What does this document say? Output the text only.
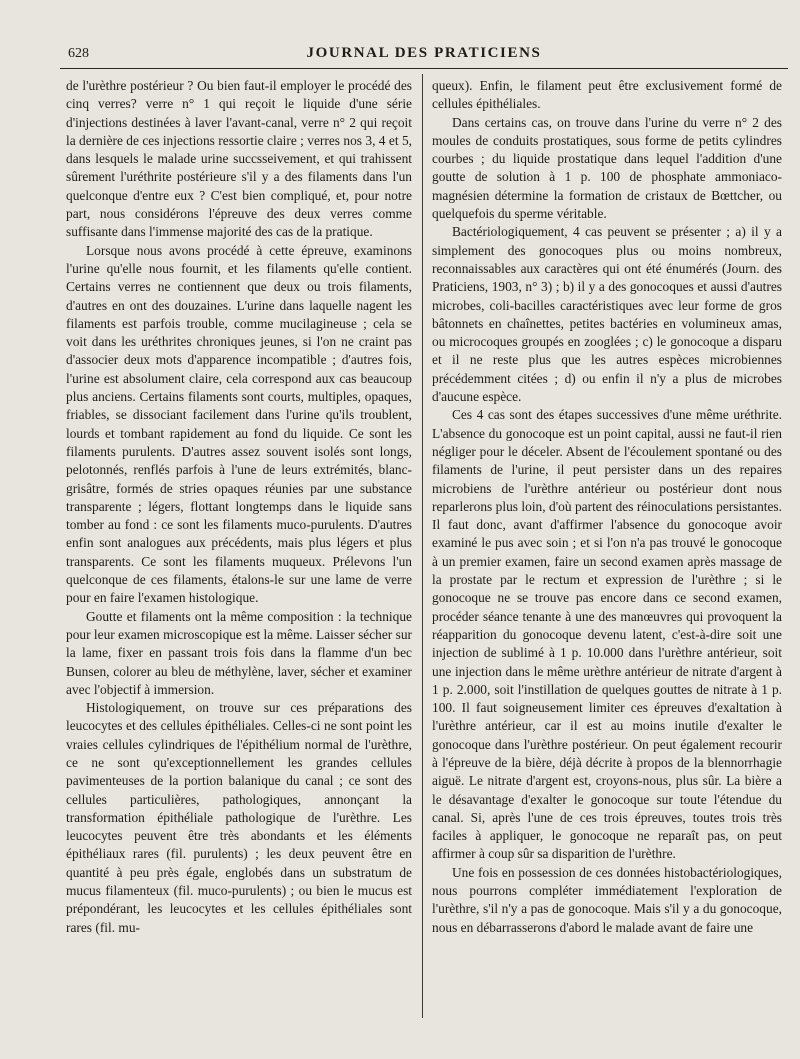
628	JOURNAL DES PRATICIENS

de l'urèthre postérieur ? Ou bien faut-il employer le procédé des cinq verres? verre n° 1 qui reçoit le liquide d'une série d'injections destinées à laver l'avant-canal, verre n° 2 qui reçoit la dernière de ces injections ressortie claire ; verres nos 3, 4 et 5, dans lesquels le malade urine succsseivement, et qui trahissent sûrement l'uréthrite postérieure s'il y a des filaments dans l'un quelconque d'entre eux ? C'est bien compliqué, et, pour notre part, nous considérons l'épreuve des deux verres comme suffisante dans l'immense majorité des cas de la pratique.

Lorsque nous avons procédé à cette épreuve, examinons l'urine qu'elle nous fournit, et les filaments qu'elle contient. Certains verres ne contiennent que deux ou trois filaments, d'autres en ont des douzaines. L'urine dans laquelle nagent les filaments est parfois trouble, comme mucilagineuse ; cela se voit dans les uréthrites chroniques jeunes, si l'on ne craint pas d'associer deux mots d'apparence incompatible ; d'autres fois, l'urine est absolument claire, cela correspond aux cas beaucoup plus anciens. Certains filaments sont courts, multiples, opaques, friables, se dissociant facilement dans l'urine qu'ils troublent, lourds et tombant rapidement au fond du liquide. Ce sont les filaments purulents. D'autres assez souvent isolés sont longs, pelotonnés, renflés parfois à l'une de leurs extrémités, blanc-grisâtre, formés de stries opaques réunies par une substance transparente ; légers, flottant longtemps dans le liquide sans tomber au fond : ce sont les filaments muco-purulents. D'autres enfin sont analogues aux précédents, mais plus légers et plus transparents. Ce sont les filaments muqueux. Prélevons l'un quelconque de ces filaments, étalons-le sur une lame de verre pour en faire l'examen histologique.

Goutte et filaments ont la même composition : la technique pour leur examen microscopique est la même. Laisser sécher sur la lame, fixer en passant trois fois dans la flamme d'un bec Bunsen, colorer au bleu de méthylène, laver, sécher et examiner avec l'objectif à immersion.

Histologiquement, on trouve sur ces préparations des leucocytes et des cellules épithéliales. Celles-ci ne sont point les vraies cellules cylindriques de l'épithélium normal de l'urèthre, ce ne sont qu'exceptionnellement les grandes cellules pavimenteuses de la portion balanique du canal ; ce sont des cellules particulières, pathologiques, annonçant la transformation épithéliale pathologique de l'urèthre. Les leucocytes peuvent être très abondants et les éléments épithéliaux rares (fil. purulents) ; les deux peuvent être en quantité à peu près égale, englobés dans un substratum de mucus filamenteux (fil. muco-purulents) ; ou bien le mucus est prépondérant, les leucocytes et les cellules épithéliales sont rares (fil. mu-

queux). Enfin, le filament peut être exclusivement formé de cellules épithéliales.

Dans certains cas, on trouve dans l'urine du verre n° 2 des moules de conduits prostatiques, sous forme de petits cylindres courbes ; du liquide prostatique dans lequel l'addition d'une goutte de solution à 1 p. 100 de phosphate ammoniaco-magnésien détermine la formation de cristaux de Bœttcher, ou quelquefois du sperme véritable.

Bactériologiquement, 4 cas peuvent se présenter ; a) il y a simplement des gonocoques plus ou moins nombreux, reconnaissables aux caractères qui ont été énumérés (Journ. des Praticiens, 1903, n° 3) ; b) il y a des gonocoques et aussi d'autres microbes, coli-bacilles caractéristiques avec leur forme de gros bâtonnets en chaînettes, petites bactéries en volumineux amas, ou microcoques groupés en zooglées ; c) le gonocoque a disparu et il ne reste plus que les autres espèces microbiennes précédemment citées ; d) ou enfin il n'y a plus de microbes d'aucune espèce.

Ces 4 cas sont des étapes successives d'une même uréthrite. L'absence du gonocoque est un point capital, aussi ne faut-il rien négliger pour le déceler. Absent de l'écoulement spontané ou des filaments de l'urine, il peut persister dans un des repaires microbiens de l'urèthre antérieur ou postérieur dont nous reparlerons plus loin, d'où partent des réinoculations persistantes. Il faut donc, avant d'affirmer l'absence du gonocoque avoir examiné le pus avec soin ; et si l'on n'a pas trouvé le gonocoque à un premier examen, faire un second examen après massage de la prostate par le rectum et expression de l'urèthre ; si le gonocoque ne se trouve pas encore dans ce second examen, procéder séance tenante à une des manœuvres qui provoquent la réapparition du gonocoque devenu latent, c'est-à-dire soit une injection de sublimé à 1 p. 10.000 dans l'urèthre antérieur, soit une injection dans le même urèthre antérieur de nitrate d'argent à 1 p. 2.000, soit l'instillation de quelques gouttes de nitrate à 1 p. 100. Il faut soigneusement limiter ces épreuves d'exaltation à l'urèthre antérieur, car il est au moins inutile d'exalter le gonocoque dans l'urèthre postérieur. On peut également recourir à l'épreuve de la bière, déjà décrite à propos de la blennorrhagie aiguë. Le nitrate d'argent est, croyons-nous, plus sûr. La bière a le désavantage d'exalter le gonocoque sur toute l'étendue du canal. Si, après l'une de ces trois épreuves, toutes trois très faciles à appliquer, le gonocoque ne reparaît pas, on peut affirmer à coup sûr sa disparition de l'urèthre.

Une fois en possession de ces données histobactériologiques, nous pourrons compléter immédiatement l'exploration de l'urèthre, s'il n'y a pas de gonocoque. Mais s'il y a du gonocoque, nous en débarrasserons d'abord le malade avant de faire une
